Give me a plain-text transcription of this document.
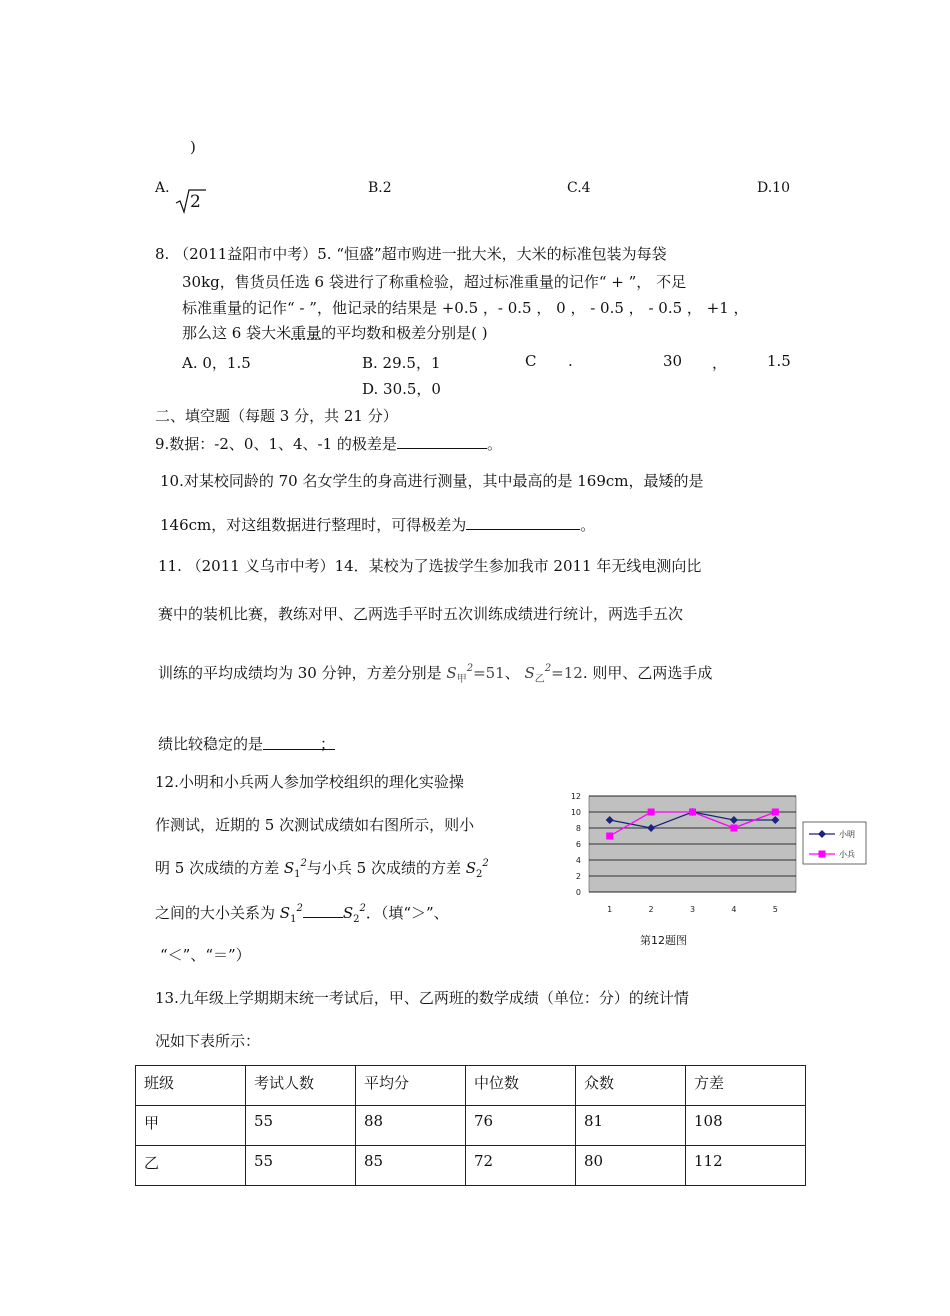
)
A.
2
B.2	C.4	D.10
8. （2011益阳市中考）5. “恒盛”超市购进一批大米，大米的标准包装为每袋
30kg，售货员任选 6 袋进行了称重检验，超过标准重量的记作“ + ”， 不足
标准重量的记作“ - ”，他记录的结果是 +0.5 ，- 0.5 ， 0 ， - 0.5 ， - 0.5 ， +1 ，
那么这 6 袋大米重量的平均数和极差分别是( )
A. 0，1.5	B. 29.5，1	C .	30 ，	1.5
D. 30.5，0
二、填空题（每题 3 分，共 21 分）
9.数据：-2、0、1、4、-1 的极差是	。
10.对某校同龄的 70 名女学生的身高进行测量，其中最高的是 169cm，最矮的是
146cm，对这组数据进行整理时，可得极差为	。
11. （2011 义乌市中考）14．某校为了选拔学生参加我市 2011 年无线电测向比
赛中的装机比赛，教练对甲、乙两选手平时五次训练成绩进行统计，两选手五次
训练的平均成绩均为 30 分钟，方差分别是 $S_甲^2=51$、 $S_乙^2=12$. 则甲、乙两选手成
绩比较稳定的是	；
12.小明和小兵两人参加学校组织的理化实验操
作测试，近期的 5 次测试成绩如右图所示，则小
明 5 次成绩的方差 $S_1^2$与小兵 5 次成绩的方差 $S_2^2$
之间的大小关系为 $S_1^2$	$S_2^2$．（填“＞”、
“＜”、“＝”）
0
2
4
6
8
10
12
1	2	3	4	5
小明
小兵
第12题图
13.九年级上学期期末统一考试后，甲、乙两班的数学成绩（单位：分）的统计情
况如下表所示：
班级	考试人数	平均分	中位数	众数	方差
甲	55	88	76	81	108
乙	55	85	72	80	112
